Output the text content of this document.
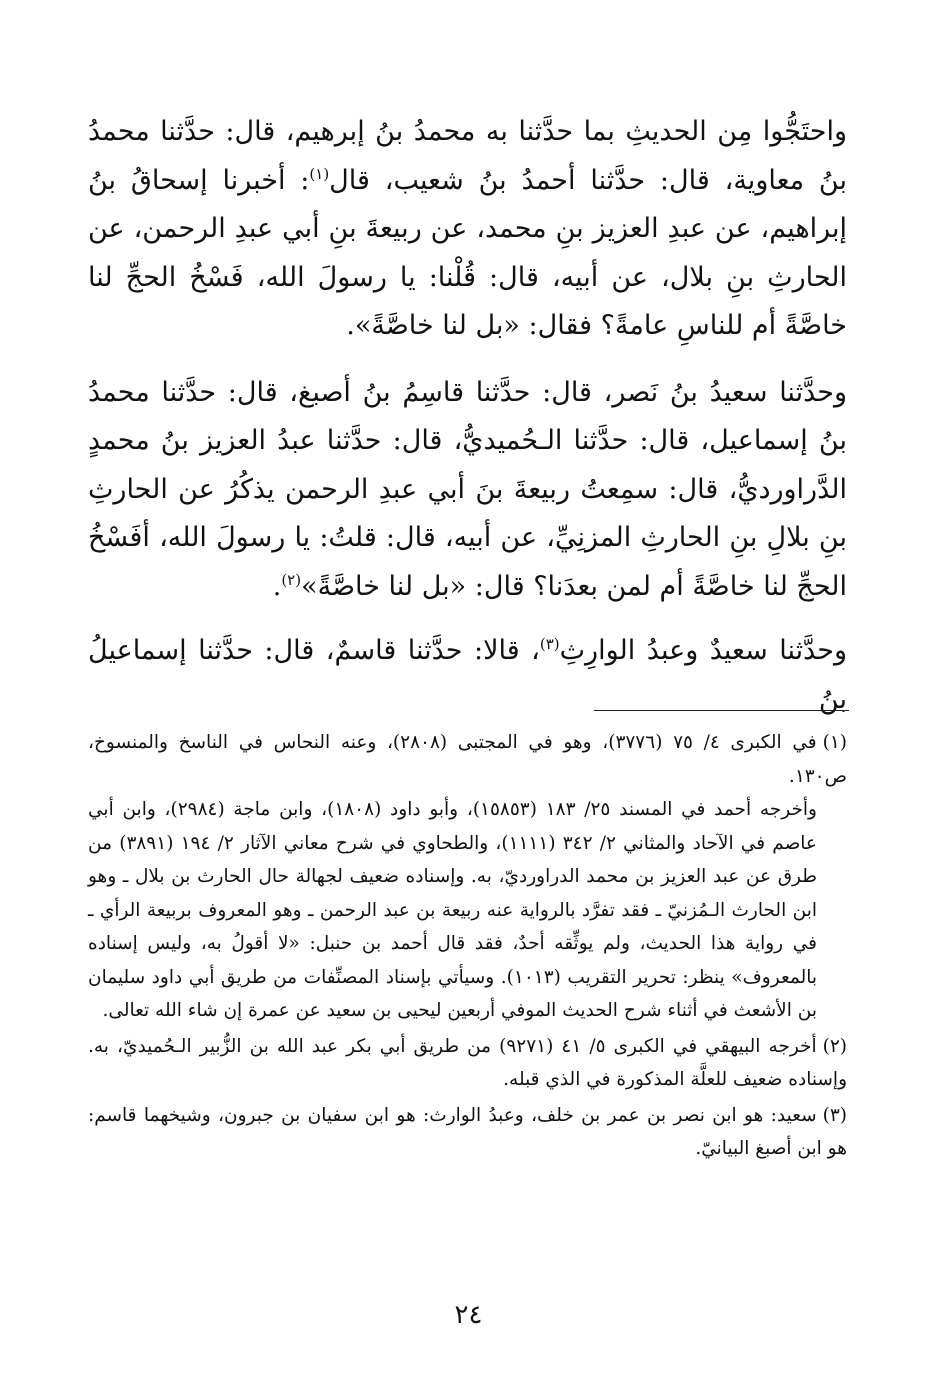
واحتَجُّوا مِن الحديثِ بما حدَّثنا به محمدُ بنُ إبرهيم، قال: حدَّثنا محمدُ بنُ معاوية، قال: حدَّثنا أحمدُ بنُ شعيب، قال$^{(١)}$: أخبرنا إسحاقُ بنُ إبراهيم، عن عبدِ العزيز بنِ محمد، عن ربيعةَ بنِ أبي عبدِ الرحمن، عن الحارثِ بنِ بلال، عن أبيه، قال: قُلْنا: يا رسولَ الله، فَسْخُ الحجِّ لنا خاصَّةً أم للناسِ عامةً؟ فقال: «بل لنا خاصَّةً».

وحدَّثنا سعيدُ بنُ نَصر، قال: حدَّثنا قاسِمُ بنُ أصبغ، قال: حدَّثنا محمدُ بنُ إسماعيل، قال: حدَّثنا الـحُميديُّ، قال: حدَّثنا عبدُ العزيز بنُ محمدٍ الدَّراورديُّ، قال: سمِعتُ ربيعةَ بنَ أبي عبدِ الرحمن يذكُرُ عن الحارثِ بنِ بلالِ بنِ الحارثِ المزنِيِّ، عن أبيه، قال: قلتُ: يا رسولَ الله، أفَسْخُ الحجِّ لنا خاصَّةً أم لمن بعدَنا؟ قال: «بل لنا خاصَّةً»$^{(٢)}$.

وحدَّثنا سعيدٌ وعبدُ الوارِثِ$^{(٣)}$، قالا: حدَّثنا قاسمٌ، قال: حدَّثنا إسماعيلُ بنُ

(١)في الكبرى ٤/ ٧٥ (٣٧٧٦)، وهو في المجتبى (٢٨٠٨)، وعنه النحاس في الناسخ والمنسوخ، ص١٣٠.

وأخرجه أحمد في المسند ٢٥/ ١٨٣ (١٥٨٥٣)، وأبو داود (١٨٠٨)، وابن ماجة (٢٩٨٤)، وابن أبي عاصم في الآحاد والمثاني ٢/ ٣٤٢ (١١١١)، والطحاوي في شرح معاني الآثار ٢/ ١٩٤ (٣٨٩١) من طرق عن عبد العزيز بن محمد الدراورديّ، به. وإسناده ضعيف لجهالة حال الحارث بن بلال ـ وهو ابن الحارث الـمُزنيّ ـ فقد تفرَّد بالرواية عنه ربيعة بن عبد الرحمن ـ وهو المعروف بربيعة الرأي ـ في رواية هذا الحديث، ولم يوثِّقه أحدٌ، فقد قال أحمد بن حنبل: «لا أقولُ به، وليس إسناده بالمعروف» ينظر: تحرير التقريب (١٠١٣). وسيأتي بإسناد المصنِّفات من طريق أبي داود سليمان بن الأشعث في أثناء شرح الحديث الموفي أربعين ليحيى بن سعيد عن عمرة إن شاء الله تعالى.

(٢)أخرجه البيهقي في الكبرى ٥/ ٤١ (٩٢٧١) من طريق أبي بكر عبد الله بن الزُّبير الـحُميديّ، به. وإسناده ضعيف للعلَّة المذكورة في الذي قبله.
(٣)سعيد: هو ابن نصر بن عمر بن خلف، وعبدُ الوارث: هو ابن سفيان بن جبرون، وشيخهما قاسم: هو ابن أصبغ البيانيّ.
٢٤
